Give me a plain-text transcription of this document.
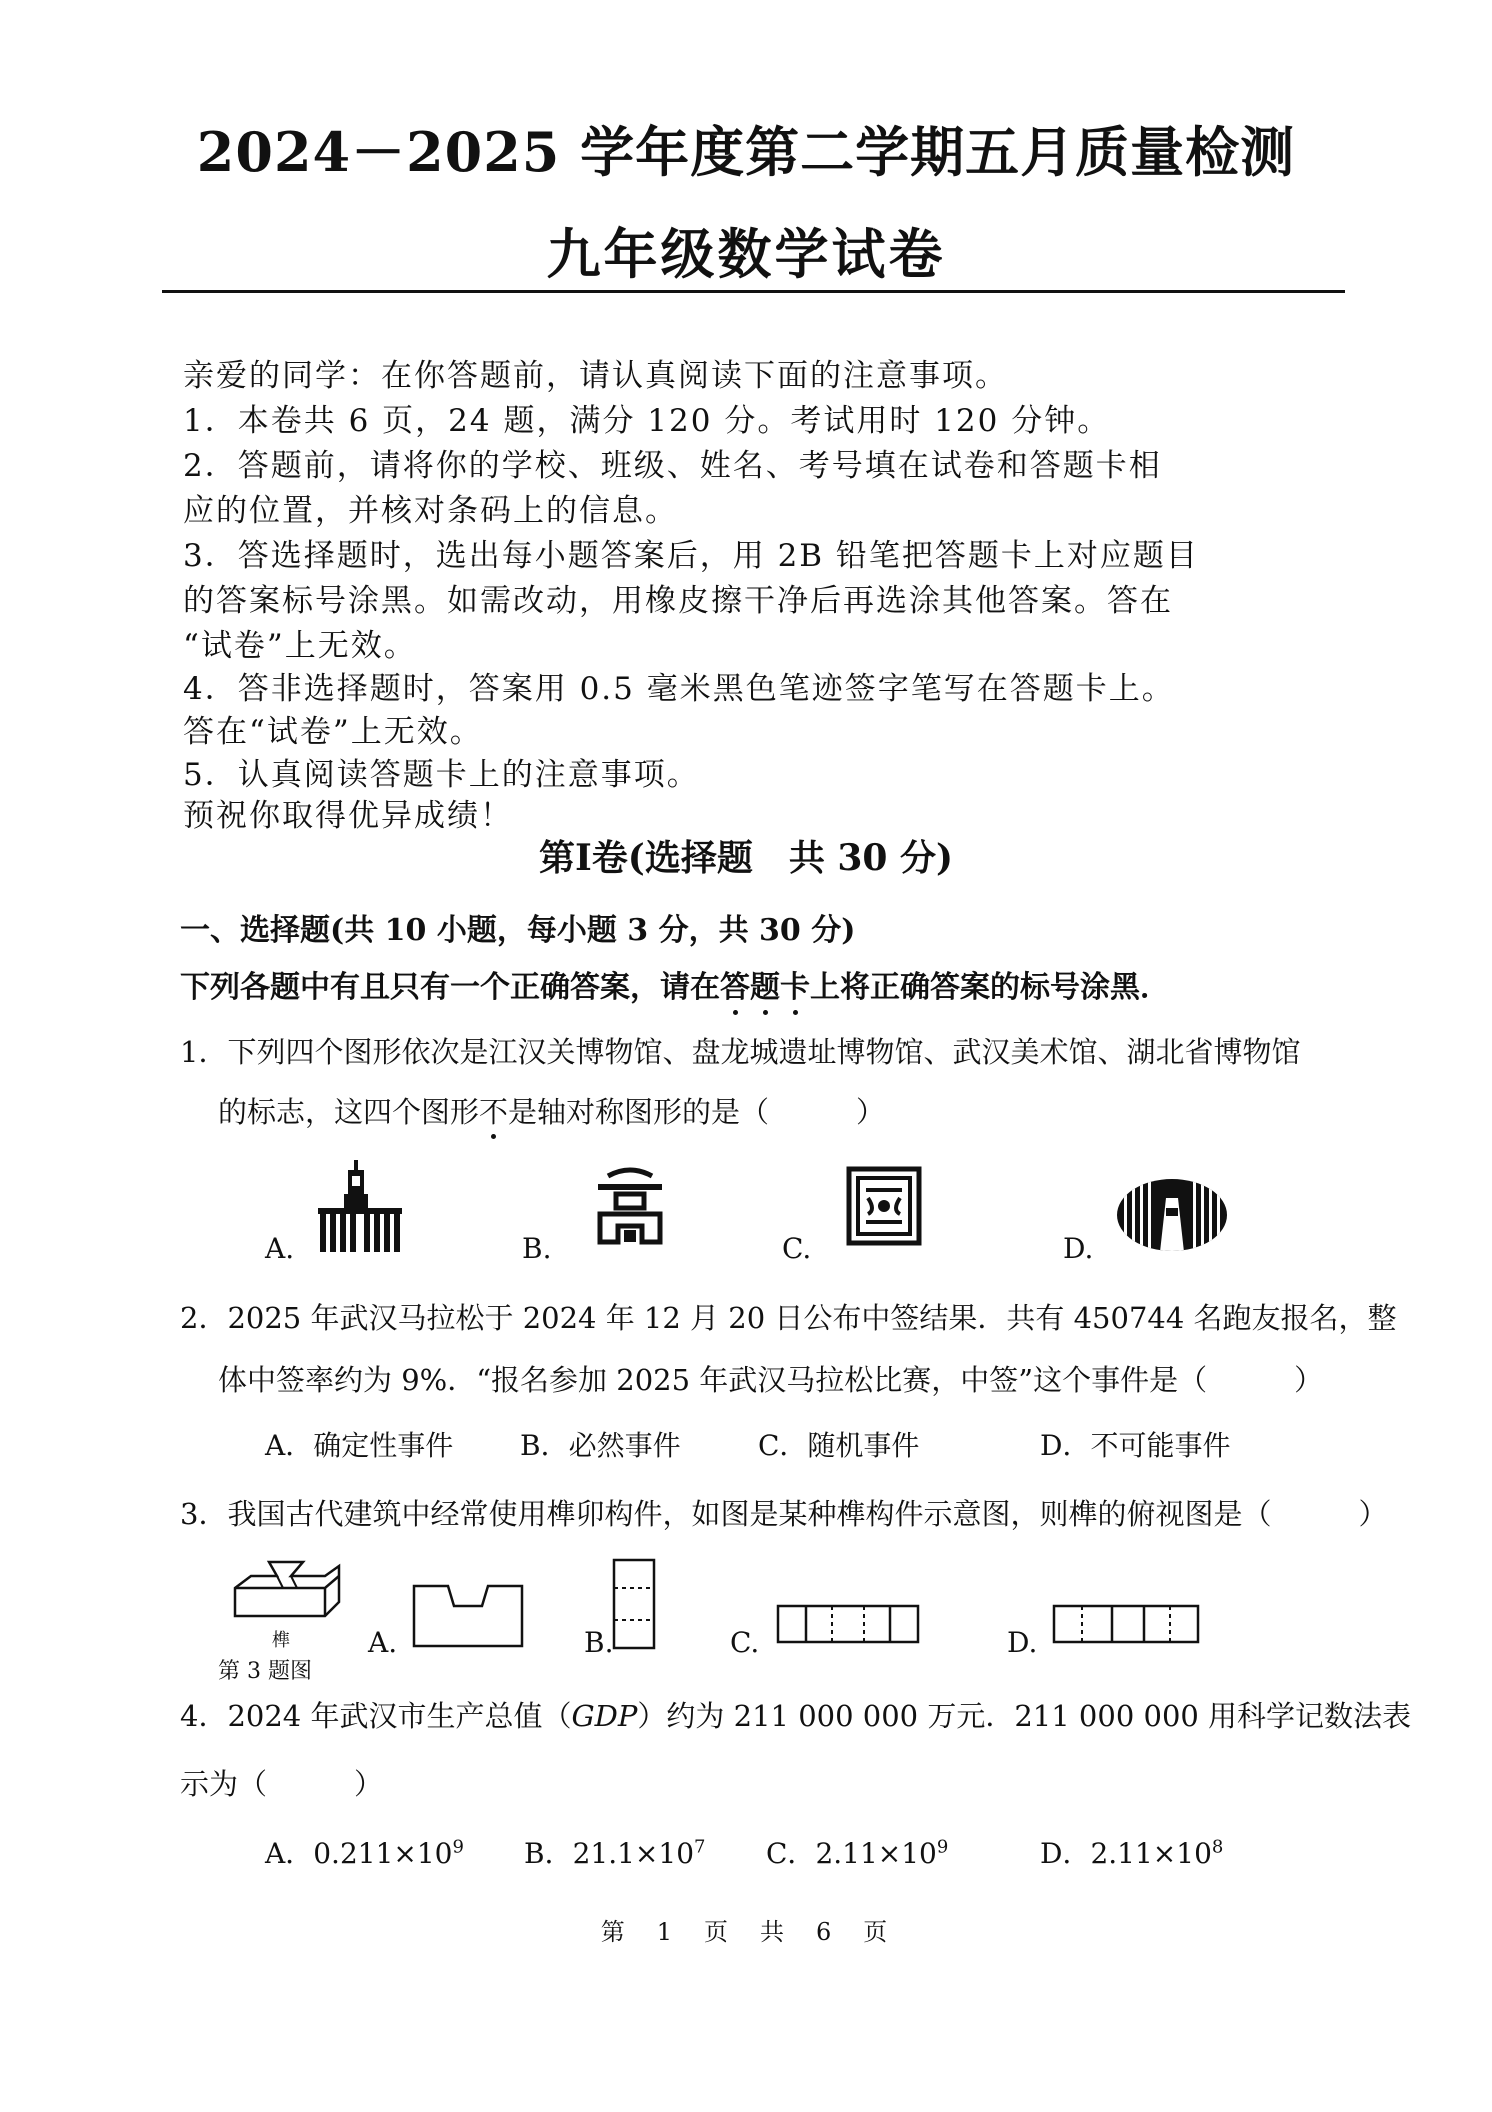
2024－2025 学年度第二学期五月质量检测
九年级数学试卷
亲爱的同学：在你答题前，请认真阅读下面的注意事项。
1．本卷共 6 页，24 题，满分 120 分。考试用时 120 分钟。
2．答题前，请将你的学校、班级、姓名、考号填在试卷和答题卡相
应的位置，并核对条码上的信息。
3．答选择题时，选出每小题答案后，用 2B 铅笔把答题卡上对应题目
的答案标号涂黑。如需改动，用橡皮擦干净后再选涂其他答案。答在
“试卷”上无效。
4．答非选择题时，答案用 0.5 毫米黑色笔迹签字笔写在答题卡上。
答在“试卷”上无效。
5．认真阅读答题卡上的注意事项。
预祝你取得优异成绩！
第Ⅰ卷(选择题　共 30 分)
一、选择题(共 10 小题，每小题 3 分，共 30 分)
下列各题中有且只有一个正确答案，请在答题卡上将正确答案的标号涂黑．
1．下列四个图形依次是江汉关博物馆、盘龙城遗址博物馆、武汉美术馆、湖北省博物馆
的标志，这四个图形不是轴对称图形的是（　　　）
A.	B.	C.	D.
2．2025 年武汉马拉松于 2024 年 12 月 20 日公布中签结果．共有 450744 名跑友报名，整
体中签率约为 9%．“报名参加 2025 年武汉马拉松比赛，中签”这个事件是（　　　）
A．确定性事件 B．必然事件	C．随机事件	D．不可能事件
3．我国古代建筑中经常使用榫卯构件，如图是某种榫构件示意图，则榫的俯视图是（　　　）
榫
第 3 题图
A.	B.	C.	D.
4．2024 年武汉市生产总值（GDP）约为 211 000 000 万元．211 000 000 用科学记数法表
示为（　　　）
A．$0.211\times 10^9$ B．$21.1\times 10^7$ C．$2.11\times 10^9$	D．$2.11\times 10^8$
第　1　页　共　6　页
